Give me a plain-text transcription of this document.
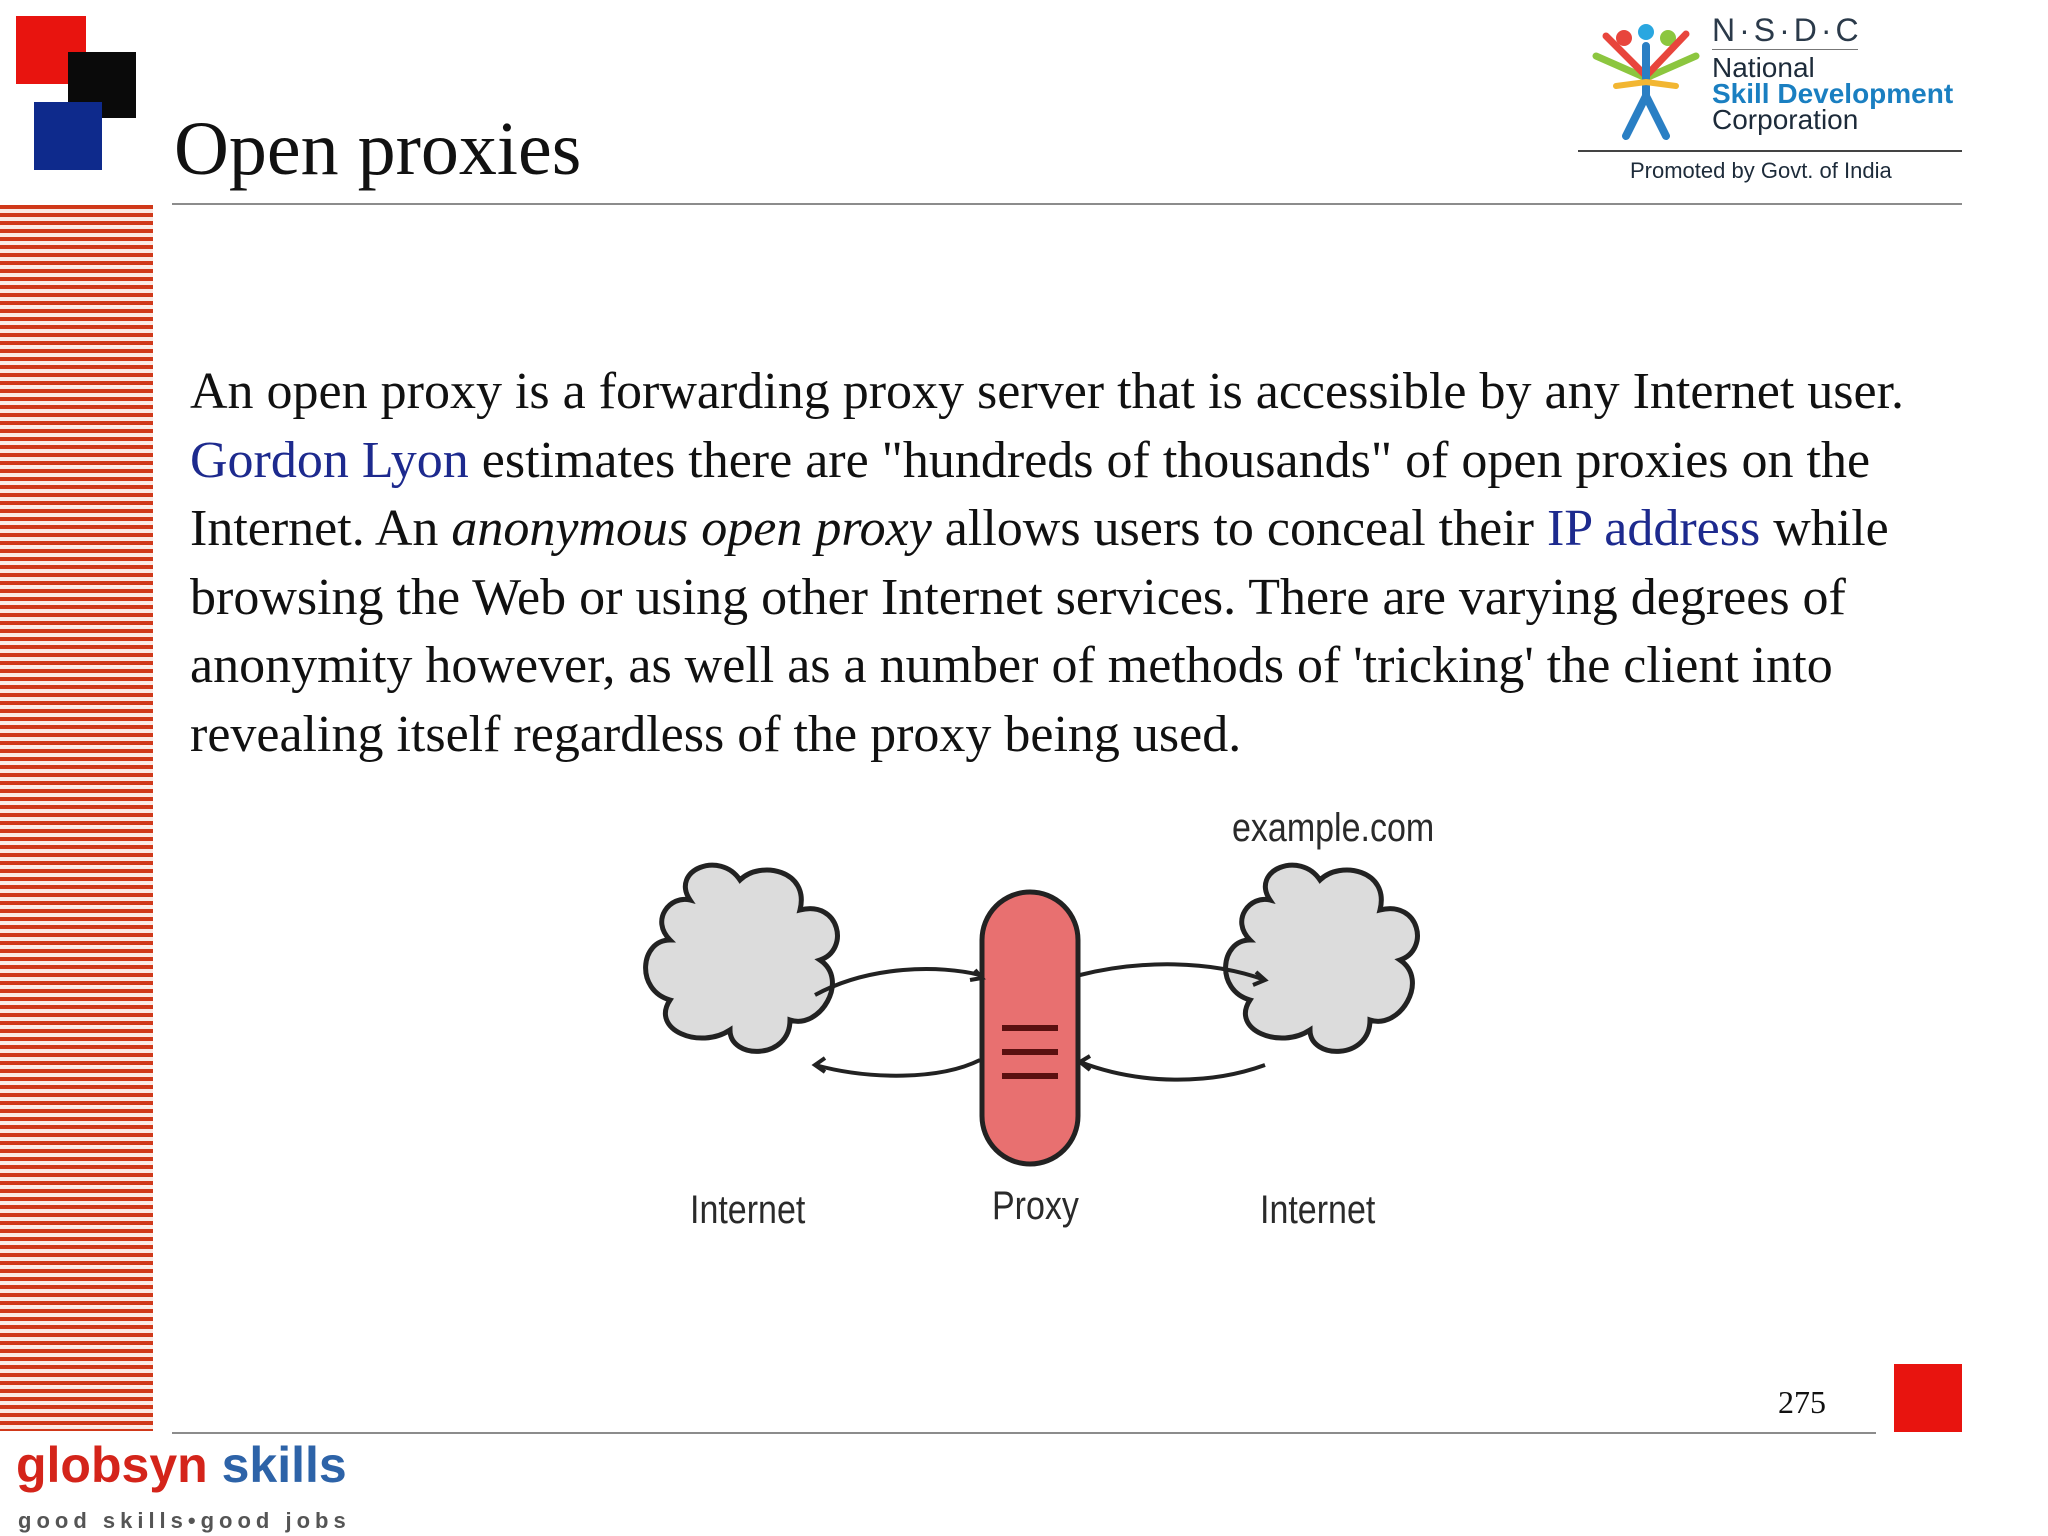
Open proxies
N·S·D·C
National
Skill Development
Corporation
Promoted by Govt. of India
An open proxy is a forwarding proxy server that is accessible by any Internet user. Gordon Lyon estimates there are "hundreds of thousands" of open proxies on the Internet. An anonymous open proxy allows users to conceal their IP address while browsing the Web or using other Internet services. There are varying degrees of anonymity however, as well as a number of methods of 'tricking' the client into revealing itself regardless of the proxy being used.
example.com
Internet	Proxy	Internet
275
globsyn skills
good skills•good jobs
